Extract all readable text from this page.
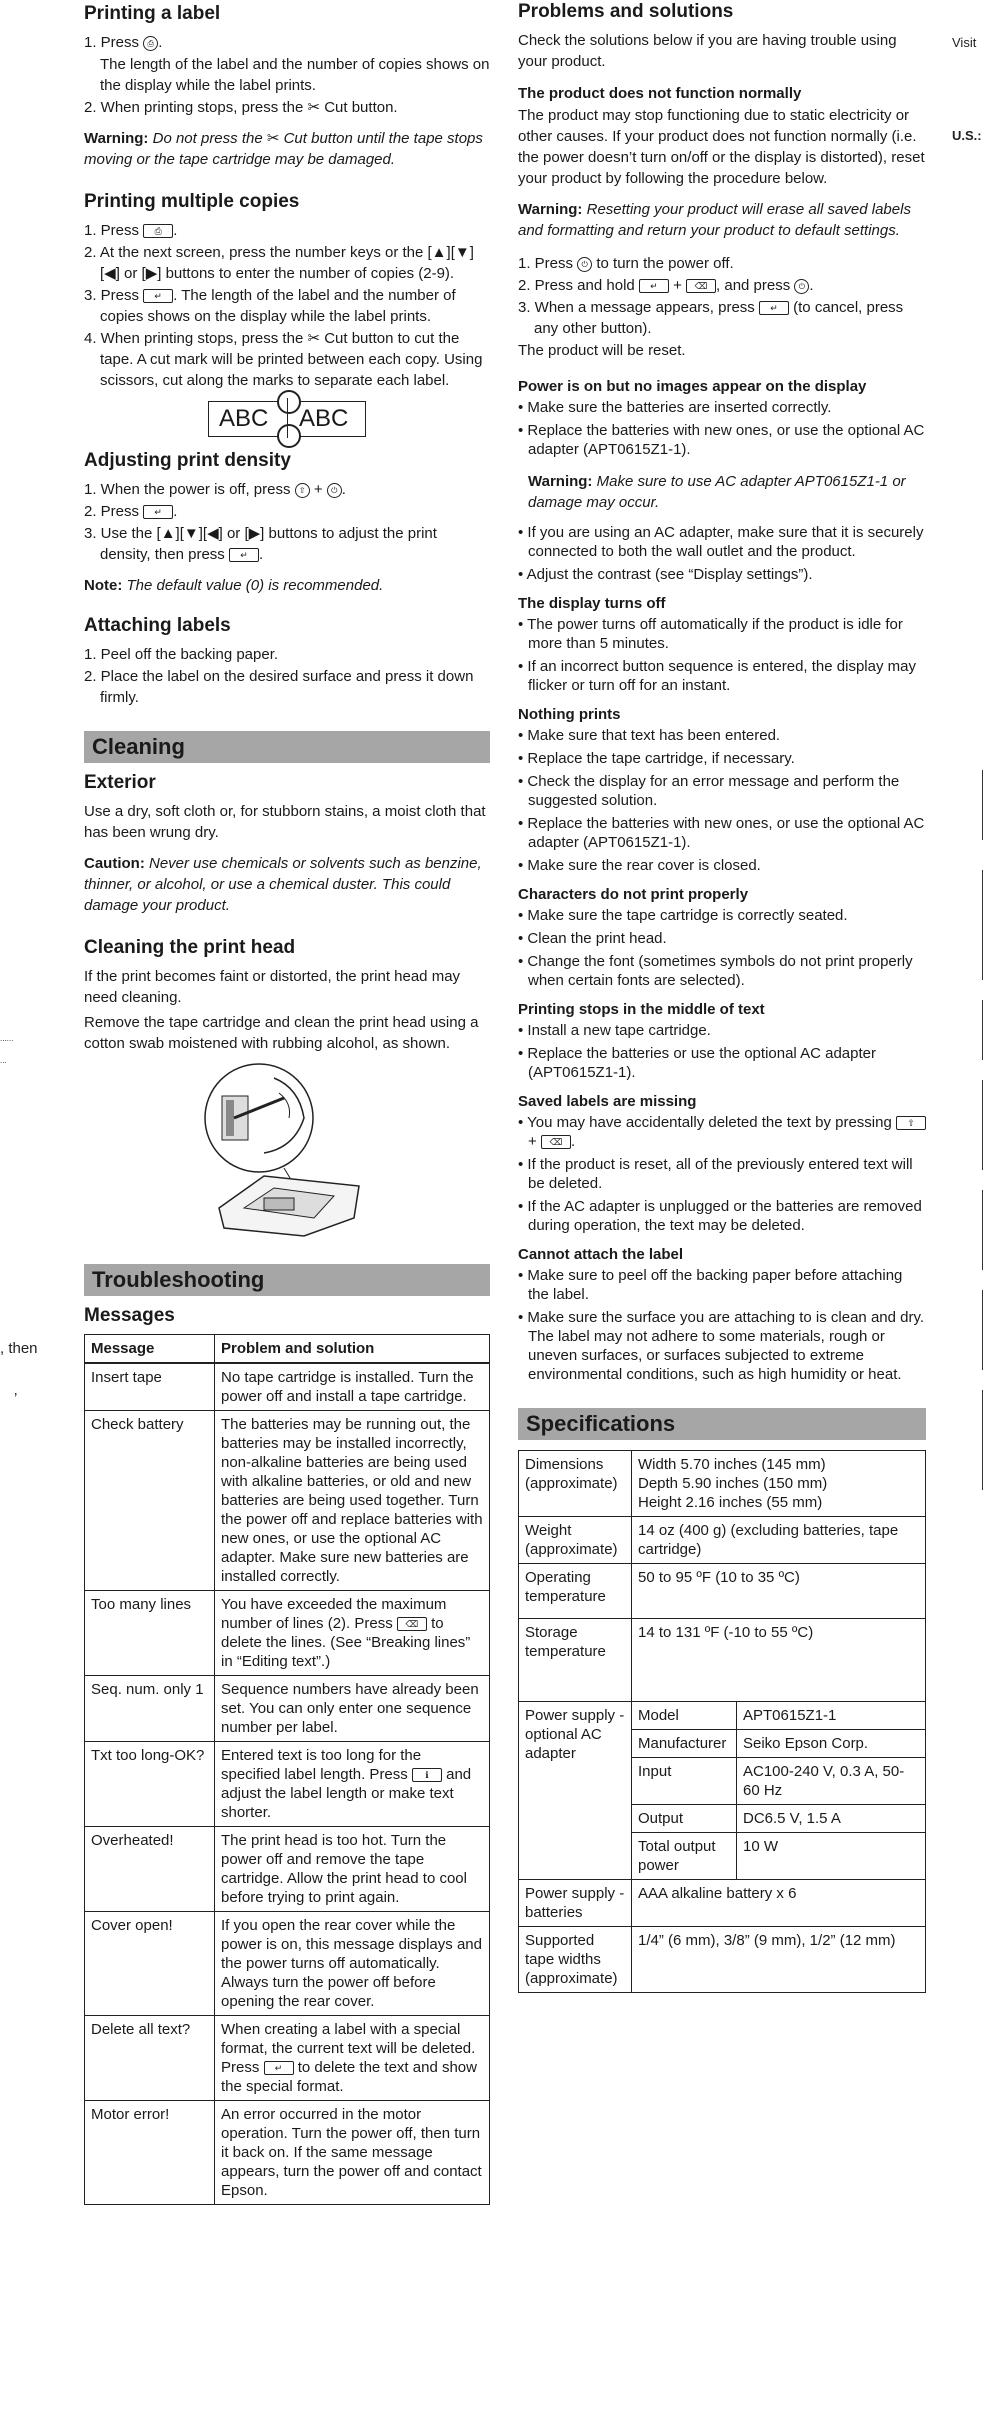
Printing a label
1. Press ⎙ .
The length of the label and the number of copies shows on the display while the label prints.
2. When printing stops, press the ✂ Cut button.

Warning: Do not press the ✂ Cut button until the tape stops moving or the tape cartridge may be damaged.

Printing multiple copies
1. Press ⎙ .
2. At the next screen, press the number keys or the [▲][▼][◀] or [▶] buttons to enter the number of copies (2-9).
3. Press ↵ . The length of the label and the number of copies shows on the display while the label prints.
4. When printing stops, press the ✂ Cut button to cut the tape. A cut mark will be printed between each copy. Using scissors, cut along the marks to separate each label.
ABC ABC
Adjusting print density
1. When the power is off, press ⇧ + ⏻ .
2. Press ↵ .
3. Use the [▲][▼][◀] or [▶] buttons to adjust the print density, then press ↵ .

Note: The default value (0) is recommended.

Attaching labels
1. Peel off the backing paper.
2. Place the label on the desired surface and press it down firmly.
Cleaning
Exterior

Use a dry, soft cloth or, for stubborn stains, a moist cloth that has been wrung dry.

Caution: Never use chemicals or solvents such as benzine, thinner, or alcohol, or use a chemical duster. This could damage your product.

Cleaning the print head

If the print becomes faint or distorted, the print head may need cleaning.

Remove the tape cartridge and clean the print head using a cotton swab moistened with rubbing alcohol, as shown.

Troubleshooting
Messages
Message	Problem and solution
Insert tape	No tape cartridge is installed. Turn the power off and install a tape cartridge.
Check battery	The batteries may be running out, the batteries may be installed incorrectly, non-alkaline batteries are being used with alkaline batteries, or old and new batteries are being used together. Turn the power off and replace batteries with new ones, or use the optional AC adapter. Make sure new batteries are installed correctly.
Too many lines	You have exceeded the maximum number of lines (2). Press ⌫ to delete the lines. (See “Breaking lines” in “Editing text”.)
Seq. num. only 1	Sequence numbers have already been set. You can only enter one sequence number per label.
Txt too long-OK?	Entered text is too long for the specified label length. Press ℹ and adjust the label length or make text shorter.
Overheated!	The print head is too hot. Turn the power off and remove the tape cartridge. Allow the print head to cool before trying to print again.
Cover open!	If you open the rear cover while the power is on, this message displays and the power turns off automatically. Always turn the power off before opening the rear cover.
Delete all text?	When creating a label with a special format, the current text will be deleted. Press ↵ to delete the text and show the special format.
Motor error!	An error occurred in the motor operation. Turn the power off, then turn it back on. If the same message appears, turn the power off and contact Epson.
Problems and solutions

Check the solutions below if you are having trouble using your product.

The product does not function normally

The product may stop functioning due to static electricity or other causes. If your product does not function normally (i.e. the power doesn’t turn on/off or the display is distorted), reset your product by following the procedure below.

Warning: Resetting your product will erase all saved labels and formatting and return your product to default settings.

1. Press ⏻ to turn the power off.
2. Press and hold ↵ + ⌫ , and press ⏻ .
3. When a message appears, press ↵ (to cancel, press any other button).

The product will be reset.

Power is on but no images appear on the display
• Make sure the batteries are inserted correctly.
• Replace the batteries with new ones, or use the optional AC adapter (APT0615Z1-1).

Warning: Make sure to use AC adapter APT0615Z1-1 or damage may occur.

• If you are using an AC adapter, make sure that it is securely connected to both the wall outlet and the product.
• Adjust the contrast (see “Display settings”).
The display turns off
• The power turns off automatically if the product is idle for more than 5 minutes.
• If an incorrect button sequence is entered, the display may flicker or turn off for an instant.
Nothing prints
• Make sure that text has been entered.
• Replace the tape cartridge, if necessary.
• Check the display for an error message and perform the suggested solution.
• Replace the batteries with new ones, or use the optional AC adapter (APT0615Z1-1).
• Make sure the rear cover is closed.
Characters do not print properly
• Make sure the tape cartridge is correctly seated.
• Clean the print head.
• Change the font (sometimes symbols do not print properly when certain fonts are selected).
Printing stops in the middle of text
• Install a new tape cartridge.
• Replace the batteries or use the optional AC adapter (APT0615Z1-1).
Saved labels are missing
• You may have accidentally deleted the text by pressing ⇧ + ⌫ .
• If the product is reset, all of the previously entered text will be deleted.
• If the AC adapter is unplugged or the batteries are removed during operation, the text may be deleted.
Cannot attach the label
• Make sure to peel off the backing paper before attaching the label.
• Make sure the surface you are attaching to is clean and dry. The label may not adhere to some materials, rough or uneven surfaces, or surfaces subjected to extreme environmental conditions, such as high humidity or heat.
Specifications
Dimensions (approximate)	Width 5.70 inches (145 mm)
Depth 5.90 inches (150 mm)
Height 2.16 inches (55 mm)	

Weight (approximate)	14 oz (400 g) (excluding batteries, tape cartridge)	
Operating temperature	50 to 95 ºF (10 to 35 ºC)	
Storage temperature	14 to 131 ºF (-10 to 55 ºC)	
Power supply - optional AC adapter	Model	APT0615Z1-1
	Manufacturer	Seiko Epson Corp.
	Input	AC100-240 V, 0.3 A, 50-60 Hz
	Output	DC6.5 V, 1.5 A
	Total output power	10 W
Power supply - batteries	AAA alkaline battery x 6	
Supported tape widths (approximate)	1/4” (6 mm), 3/8” (9 mm), 1/2” (12 mm)	
Visit
U.S.:
......
...
, then
’
